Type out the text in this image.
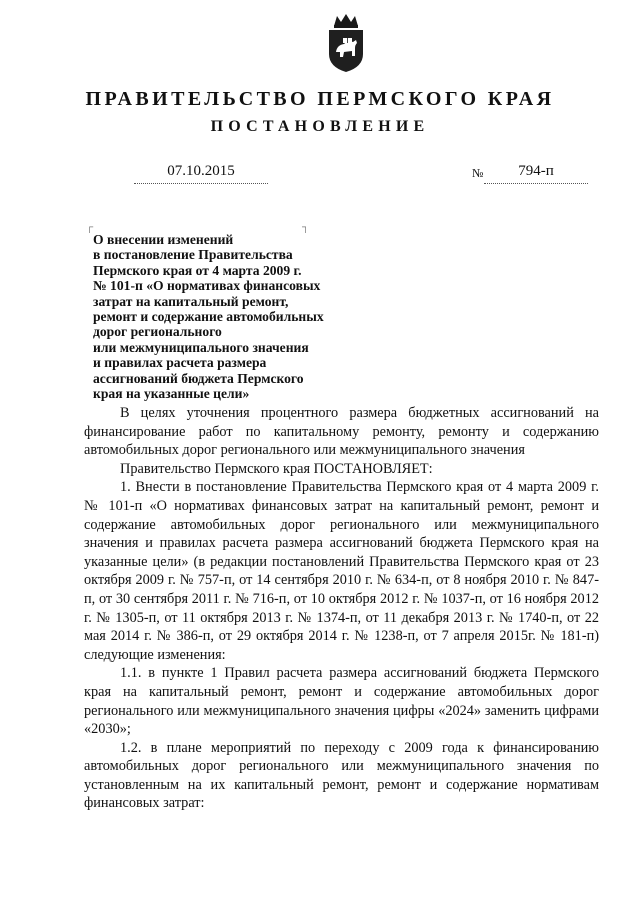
ПРАВИТЕЛЬСТВО ПЕРМСКОГО КРАЯ
ПОСТАНОВЛЕНИЕ
07.10.2015	№	794-п
┌	┐
О внесении изменений
в постановление Правительства
Пермского края от 4 марта 2009 г.
№ 101-п «О нормативах финансовых
затрат на капитальный ремонт,
ремонт и содержание автомобильных
дорог регионального
или межмуниципального значения
и правилах расчета размера
ассигнований бюджета Пермского
края на указанные цели»

В целях уточнения процентного размера бюджетных ассигнований на финансирование работ по капитальному ремонту, ремонту и содержанию автомобильных дорог регионального или межмуниципального значения

Правительство Пермского края ПОСТАНОВЛЯЕТ:

1. Внести в постановление Правительства Пермского края от 4 марта 2009 г. № 101-п «О нормативах финансовых затрат на капитальный ремонт, ремонт и содержание автомобильных дорог регионального или межмуниципального значения и правилах расчета размера ассигнований бюджета Пермского края на указанные цели» (в редакции постановлений Правительства Пермского края от 23 октября 2009 г. № 757-п, от 14 сентября 2010 г. № 634-п, от 8 ноября 2010 г. № 847-п, от 30 сентября 2011 г. № 716-п, от 10 октября 2012 г. № 1037-п, от 16 ноября 2012 г. № 1305-п, от 11 октября 2013 г. № 1374-п, от 11 декабря 2013 г. № 1740-п, от 22 мая 2014 г. № 386-п, от 29 октября 2014 г. № 1238-п, от 7 апреля 2015г. № 181-п) следующие изменения:

1.1. в пункте 1 Правил расчета размера ассигнований бюджета Пермского края на капитальный ремонт, ремонт и содержание автомобильных дорог регионального или межмуниципального значения цифры «2024» заменить цифрами «2030»;

1.2. в плане мероприятий по переходу с 2009 года к финансированию автомобильных дорог регионального или межмуниципального значения по установленным на их капитальный ремонт, ремонт и содержание нормативам финансовых затрат:
